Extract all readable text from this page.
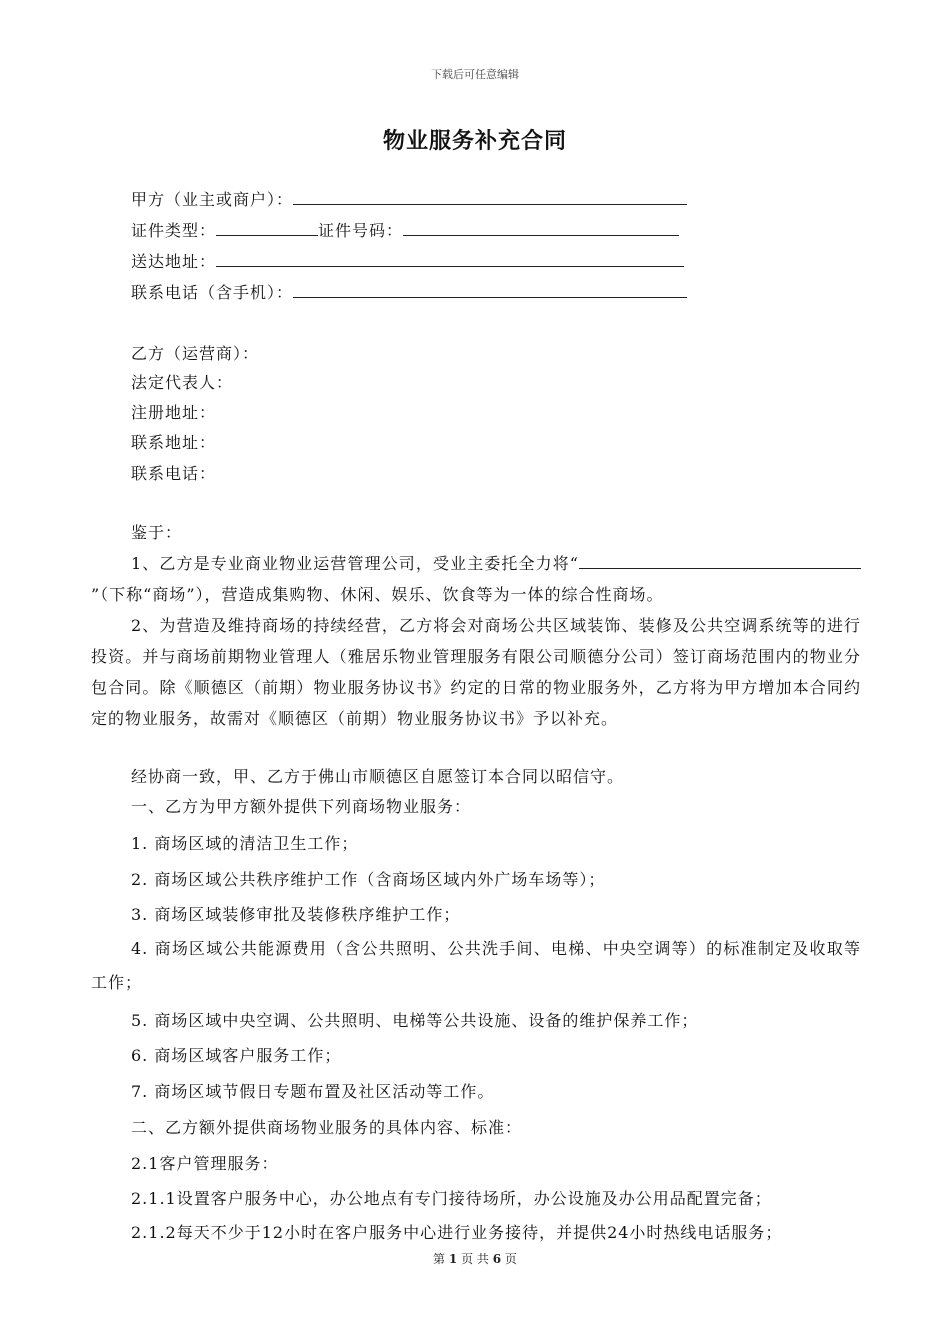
下载后可任意编辑
物业服务补充合同
甲方（业主或商户）：
证件类型：	证件号码：
送达地址：
联系电话（含手机）：
乙方（运营商）：
法定代表人：
注册地址：
联系地址：
联系电话：
鉴于：
1、乙方是专业商业物业运营管理公司，受业主委托全力将“”（下称“商场”），营造成集购物、休闲、娱乐、饮食等为一体的综合性商场。
2、为营造及维持商场的持续经营，乙方将会对商场公共区域装饰、装修及公共空调系统等的进行投资。并与商场前期物业管理人（雅居乐物业管理服务有限公司顺德分公司）签订商场范围内的物业分包合同。除《顺德区（前期）物业服务协议书》约定的日常的物业服务外，乙方将为甲方增加本合同约定的物业服务，故需对《顺德区（前期）物业服务协议书》予以补充。
经协商一致，甲、乙方于佛山市顺德区自愿签订本合同以昭信守。
一、乙方为甲方额外提供下列商场物业服务：
1. 商场区域的清洁卫生工作；
2. 商场区域公共秩序维护工作（含商场区域内外广场车场等）；
3. 商场区域装修审批及装修秩序维护工作；
4. 商场区域公共能源费用（含公共照明、公共洗手间、电梯、中央空调等）的标准制定及收取等工作；
5. 商场区域中央空调、公共照明、电梯等公共设施、设备的维护保养工作；
6. 商场区域客户服务工作；
7. 商场区域节假日专题布置及社区活动等工作。
二、乙方额外提供商场物业服务的具体内容、标准：
2.1客户管理服务：
2.1.1设置客户服务中心，办公地点有专门接待场所，办公设施及办公用品配置完备；
2.1.2每天不少于12小时在客户服务中心进行业务接待，并提供24小时热线电话服务；
第 1 页 共 6 页
